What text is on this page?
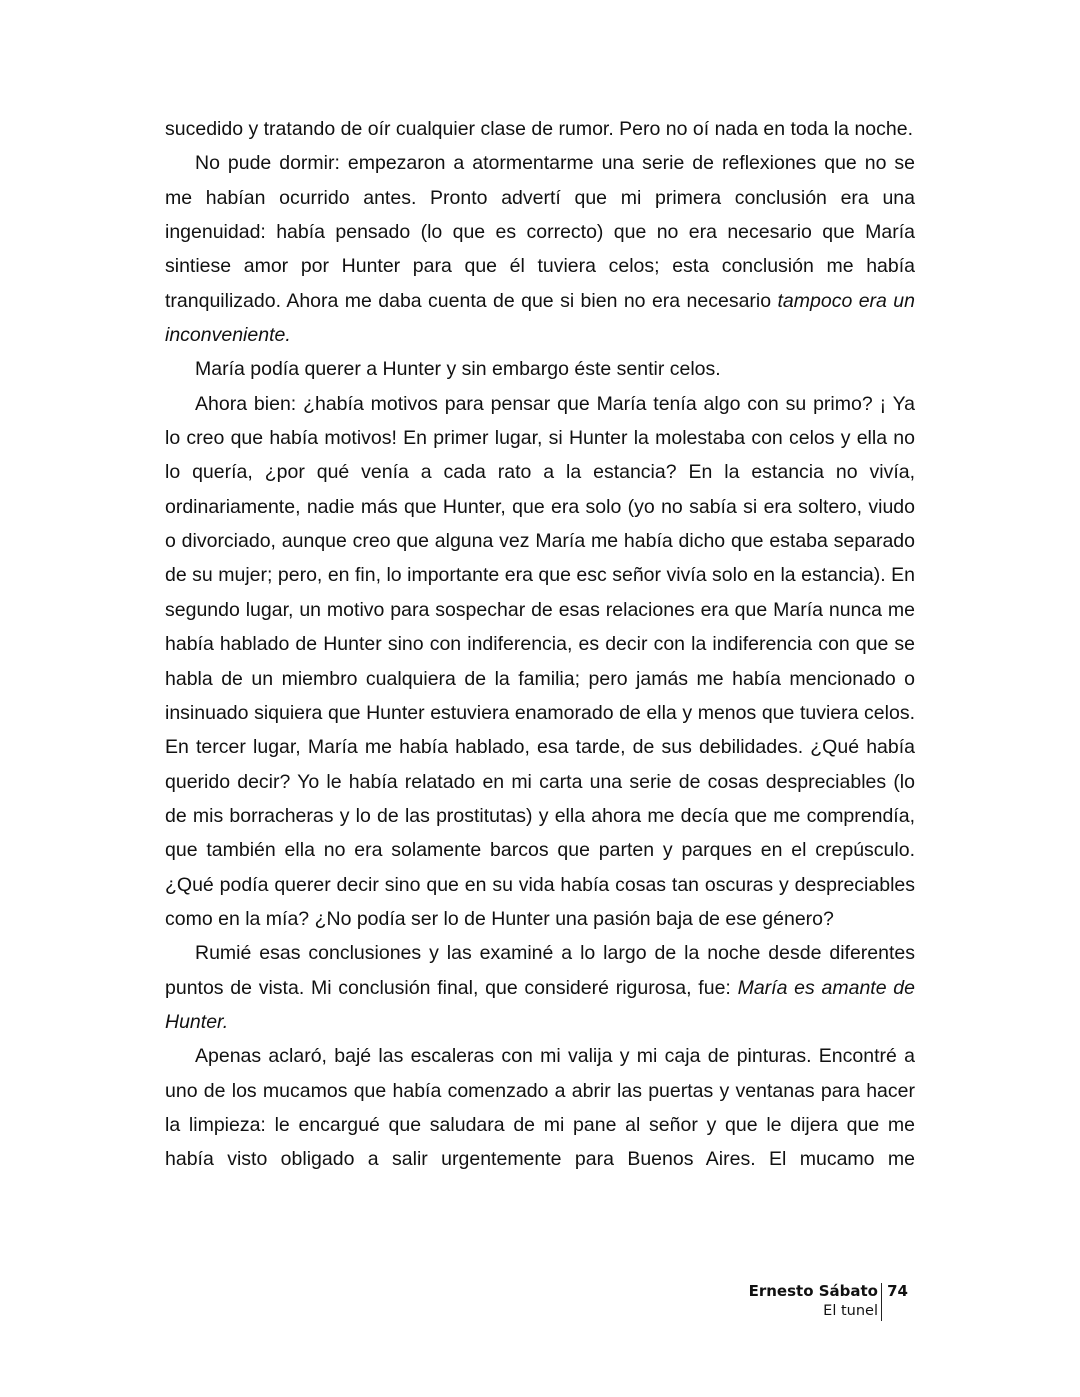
sucedido y tratando de oír cualquier clase de rumor. Pero no oí nada en toda la noche.

No pude dormir: empezaron a atormentarme una serie de reflexiones que no se me habían ocurrido antes. Pronto advertí que mi primera conclusión era una ingenuidad: había pensado (lo que es correcto) que no era necesario que María sintiese amor por Hunter para que él tuviera celos; esta conclusión me había tranquilizado. Ahora me daba cuenta de que si bien no era necesario tampoco era un inconveniente.

María podía querer a Hunter y sin embargo éste sentir celos.

Ahora bien: ¿había motivos para pensar que María tenía algo con su primo? ¡ Ya lo creo que había motivos! En primer lugar, si Hunter la molestaba con celos y ella no lo quería, ¿por qué venía a cada rato a la estancia? En la estancia no vivía, ordinariamente, nadie más que Hunter, que era solo (yo no sabía si era soltero, viudo o divorciado, aunque creo que alguna vez María me había dicho que estaba separado de su mujer; pero, en fin, lo importante era que esc señor vivía solo en la estancia). En segundo lugar, un motivo para sospechar de esas relaciones era que María nunca me había hablado de Hunter sino con indiferencia, es decir con la indiferencia con que se habla de un miembro cualquiera de la familia; pero jamás me había mencionado o insinuado siquiera que Hunter estuviera enamorado de ella y menos que tuviera celos. En tercer lugar, María me había hablado, esa tarde, de sus debilidades. ¿Qué había querido decir? Yo le había relatado en mi carta una serie de cosas despreciables (lo de mis borracheras y lo de las prostitutas) y ella ahora me decía que me comprendía, que también ella no era solamente barcos que parten y parques en el crepúsculo. ¿Qué podía querer decir sino que en su vida había cosas tan oscuras y despreciables como en la mía? ¿No podía ser lo de Hunter una pasión baja de ese género?

Rumié esas conclusiones y las examiné a lo largo de la noche desde diferentes puntos de vista. Mi conclusión final, que consideré rigurosa, fue: María es amante de Hunter.

Apenas aclaró, bajé las escaleras con mi valija y mi caja de pinturas. Encontré a uno de los mucamos que había comenzado a abrir las puertas y ventanas para hacer la limpieza: le encargué que saludara de mi pane al señor y que le dijera que me había visto obligado a salir urgentemente para Buenos Aires. El mucamo me

Ernesto Sábato
El tunel
74
